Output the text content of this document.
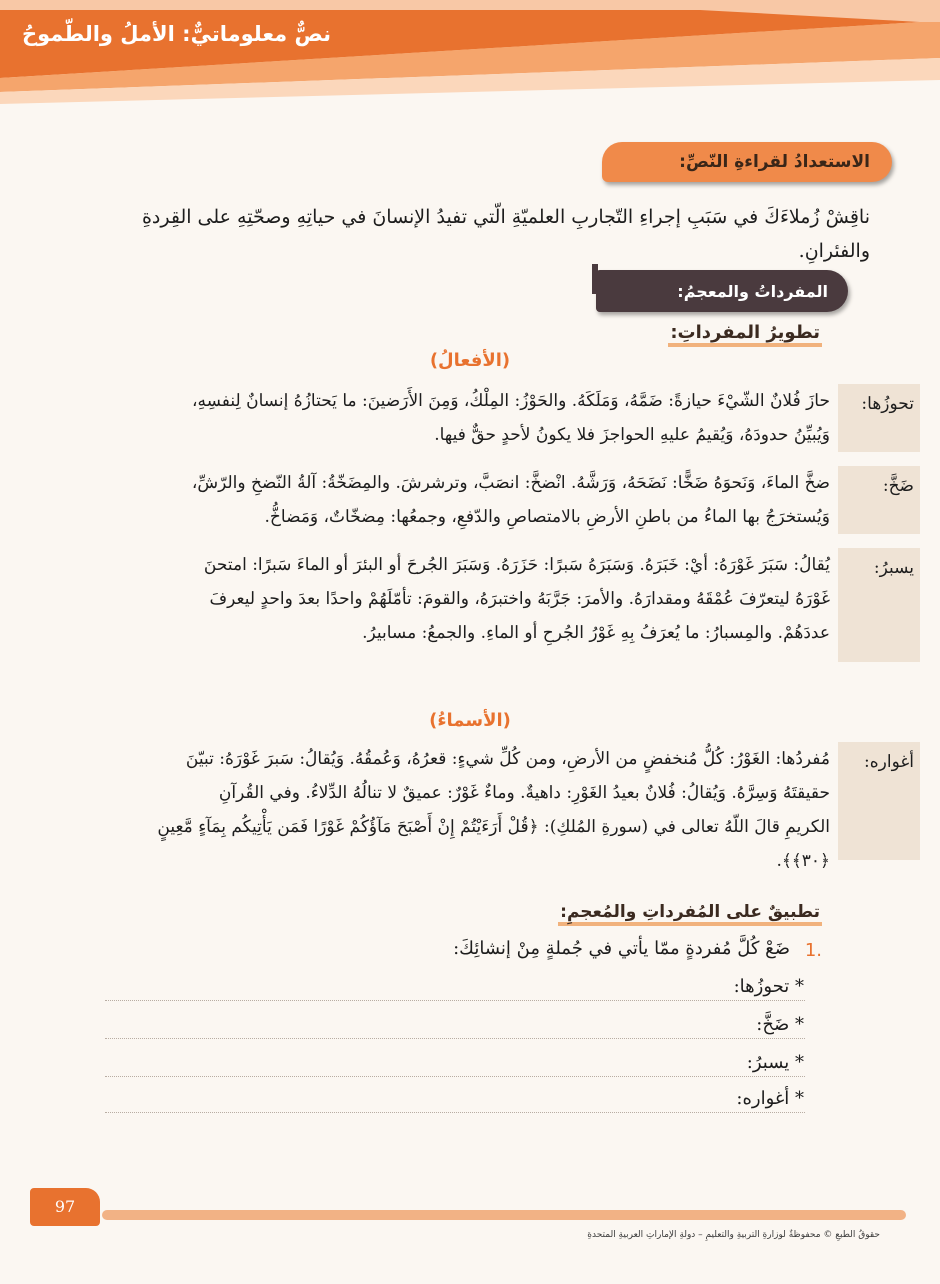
نصٌّ معلوماتيٌّ: الأملُ والطّموحُ
الاستعدادُ لقراءةِ النّصِّ:
ناقِشْ زُملاءَكَ في سَبَبِ إجراءِ التّجاربِ العلميّةِ الّتي تفيدُ الإنسانَ في حياتِهِ وصحّتِهِ على القِردةِ والفئرانِ.
المفرداتُ والمعجمُ:
تطويرُ المفرداتِ:
(الأفعالُ)
تحوزُها:
حازَ فُلانٌ الشّيْءَ حيازةً: ضَمَّهُ، وَمَلَكَهُ. والحَوْزُ: المِلْكُ، وَمِنَ الأَرَضينَ: ما يَحتازُهُ إنسانٌ لِنفسِهِ،
وَيُبيِّنُ حدودَهُ، وَيُقيمُ عليهِ الحواجزَ فلا يكونُ لأحدٍ حقٌّ فيها.
ضَخَّ:
ضخَّ الماءَ، وَنَحوَهُ ضَخًّا: نَضَحَهُ، وَرَشَّهُ. انْضخَّ: انصَبَّ، وترشرشَ. والمِضَخّةُ: آلةُ النّضخِ والرّشِّ،
وَيُستخرَجُ بها الماءُ من باطنِ الأرضِ بالامتصاصِ والدّفعِ، وجمعُها: مِضخّاتٌ، وَمَضاخُّ.
يسبرُ:
يُقالُ: سَبَرَ غَوْرَهُ: أيْ: خَبَرَهُ. وَسَبَرَهُ سَبرًا: حَزَرَهُ. وَسَبَرَ الجُرحَ أو البئرَ أو الماءَ سَبرًا: امتحنَ
غَوْرَهُ ليتعرّفَ عُمْقَهُ ومقدارَهُ. والأمرَ: جَرَّبَهُ واختبرَهُ، والقومَ: تأمّلَهُمْ واحدًا بعدَ واحدٍ ليعرفَ
عددَهُمْ. والمِسبارُ: ما يُعرَفُ بِهِ غَوْرُ الجُرحِ أو الماءِ. والجمعُ: مسابيرُ.
(الأسماءُ)
أغواره:
مُفردُها: الغَوْرُ: كُلُّ مُنخفضٍ من الأرضِ، ومن كُلِّ شيءٍ: قعرُهُ، وَعُمقُهُ. وَيُقالُ: سَبرَ غَوْرَهُ: تبيّنَ
حقيقتَهُ وَسِرَّهُ. وَيُقالُ: فُلانٌ بعيدُ الغَوْرِ: داهيةٌ. وماءٌ غَوْرٌ: عميقٌ لا تنالُهُ الدِّلاءُ. وفي القُرآنِ
الكريمِ قالَ اللّهُ تعالى في (سورةِ المُلكِ): ﴿قُلْ أَرَءَيْتُمْ إِنْ أَصْبَحَ مَآؤُكُمْ غَوْرًا فَمَن يَأْتِيكُم بِمَآءٍ مَّعِينٍ ﴿٣٠﴾﴾.
تطبيقٌ على المُفرداتِ والمُعجمِ:
1.
ضَعْ كُلَّ مُفردةٍ ممّا يأتي في جُملةٍ مِنْ إنشائِكَ:
* تحوزُها:
* ضَخَّ:
* يسبرُ:
* أغواره:
97
حقوقُ الطبعِ © محفوظةٌ لوزارةِ التربيةِ والتعليمِ – دولةِ الإماراتِ العربيةِ المتحدةِ
